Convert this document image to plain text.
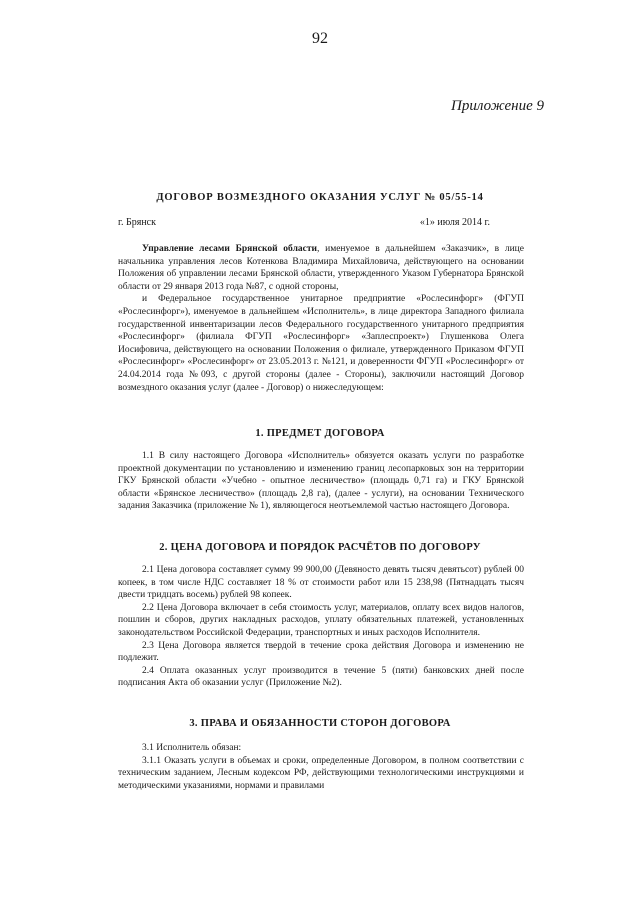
92
Приложение 9
ДОГОВОР ВОЗМЕЗДНОГО ОКАЗАНИЯ УСЛУГ № 05/55-14
г. Брянск	«1» июля 2014 г.

Управление лесами Брянской области, именуемое в дальнейшем «Заказчик», в лице начальника управления лесов Котенкова Владимира Михайловича, действующего на основании Положения об управлении лесами Брянской области, утвержденного Указом Губернатора Брянской области от 29 января 2013 года №87, с одной стороны,

и Федеральное государственное унитарное предприятие «Рослесинфорг» (ФГУП «Рослесинфорг»), именуемое в дальнейшем «Исполнитель», в лице директора Западного филиала государственной инвентаризации лесов Федерального государственного унитарного предприятия «Рослесинфорг» (филиала ФГУП «Рослесинфорг» «Заплеспроект») Глушенкова Олега Иосифовича, действующего на основании Положения о филиале, утвержденного Приказом ФГУП «Рослесинфорг» «Рослесинфорг» от 23.05.2013 г. №121, и доверенности ФГУП «Рослесинфорг» от 24.04.2014 года №093, с другой стороны (далее - Стороны), заключили настоящий Договор возмездного оказания услуг (далее - Договор) о нижеследующем:

1. ПРЕДМЕТ ДОГОВОРА

1.1 В силу настоящего Договора «Исполнитель» обязуется оказать услуги по разработке проектной документации по установлению и изменению границ лесопарковых зон на территории ГКУ Брянской области «Учебно - опытное лесничество» (площадь 0,71 га) и ГКУ Брянской области «Брянское лесничество» (площадь 2,8 га), (далее - услуги), на основании Технического задания Заказчика (приложение № 1), являющегося неотъемлемой частью настоящего Договора.

2. ЦЕНА ДОГОВОРА И ПОРЯДОК РАСЧЁТОВ ПО ДОГОВОРУ

2.1 Цена договора составляет сумму 99 900,00 (Девяносто девять тысяч девятьсот) рублей 00 копеек, в том числе НДС составляет 18 % от стоимости работ или 15 238,98 (Пятнадцать тысяч двести тридцать восемь) рублей 98 копеек.

2.2 Цена Договора включает в себя стоимость услуг, материалов, оплату всех видов налогов, пошлин и сборов, других накладных расходов, уплату обязательных платежей, установленных законодательством Российской Федерации, транспортных и иных расходов Исполнителя.

2.3 Цена Договора является твердой в течение срока действия Договора и изменению не подлежит.

2.4 Оплата оказанных услуг производится в течение 5 (пяти) банковских дней после подписания Акта об оказании услуг (Приложение №2).

3. ПРАВА И ОБЯЗАННОСТИ СТОРОН ДОГОВОРА

3.1 Исполнитель обязан:

3.1.1 Оказать услуги в объемах и сроки, определенные Договором, в полном соответствии с техническим заданием, Лесным кодексом РФ, действующими технологическими инструкциями и методическими указаниями, нормами и правилами
